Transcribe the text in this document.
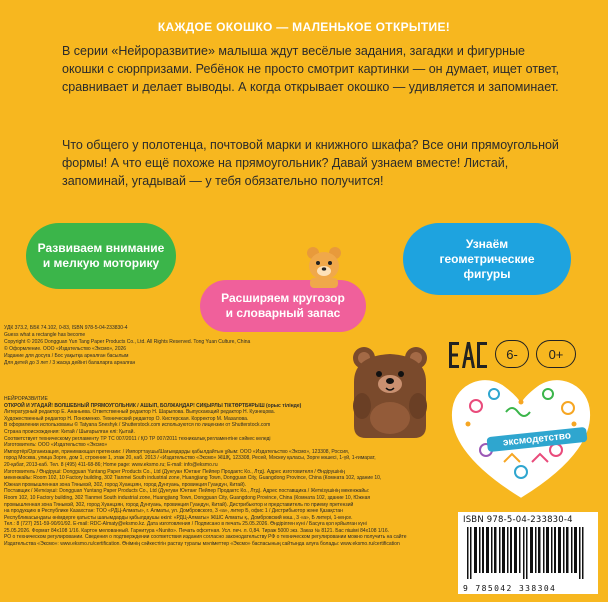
КАЖДОЕ ОКОШКО — МАЛЕНЬКОЕ ОТКРЫТИЕ!
В серии «Нейроразвитие» малыша ждут весёлые задания, загадки и фигурные окошки с сюрпризами. Ребёнок не просто смотрит картинки — он думает, ищет ответ, сравнивает и делает выводы. А когда открывает окошко — удивляется и запоминает.
Что общего у полотенца, почтовой марки и книжного шкафа? Все они прямоугольной формы! А что ещё похоже на прямоугольник? Давай узнаем вместе! Листай, запоминай, угадывай — у тебя обязательно получится!
Развиваем внимание
и мелкую моторику
Расширяем кругозор
и словарный запас
Узнаём
геометрические
фигуры
УДК 373.2, ББК 74.102, 0-83, ISBN 978-5-04-233830-4
Guess what a rectangle has become
Copyright © 2026 Dongguan Yun Tang Paper Products Co., Ltd. All Rights Reserved. Tong Yuan Culture, China
© Оформление. ООО «Издательство «Эксмо», 2026
Издание для досуга / Бос уақытқа арналған басылым
Для детей до 3 лет / 3 жасқа дейінгі балаларға арналған
НЕЙРОРАЗВИТИЕ
ОТКРОЙ И УГАДАЙ! ВОЛШЕБНЫЙ ПРЯМОУГОЛЬНИК / АШЫП, БОЛЖАҢДАР! СИҚЫРЛЫ ТІКТӨРТБҰРЫШ (орыс тілінде)
Литературный редактор Е. Ананьева. Ответственный редактор Н. Шарыпова. Выпускающий редактор Н. Кузнецова.
Художественный редактор Н. Пономенко. Технический редактор О. Кистерская. Корректор М. Мазалова.
В оформлении использованы © Tatyana Sneshyk / Shutterstock.com используются по лицензии от Shutterstock.com
Страна происхождения: Китай / Шығарылған елі: Қытай.
Соответствует техническому регламенту ТР ТС 007/2011 / ҚО ТР 007/2011 техникалық регламентіне сәйкес келеді
Изготовитель: ООО «Издательство «Эксмо»
Импортёр/Организация, принимающая претензии: / Импорттаушы/Шағымдарды қабылдайтын ұйым: ООО «Издательство «Эксмо», 123308, Россия,
город Москва, улица Зорге, дом 1, строение 1, этаж 20, каб. 2013 / «Издательство «Эксмо» ЖШҚ, 123308, Ресей, Мәскеу қаласы, Зорге көшесі, 1-үй, 1-ғимарат,
20-қабат, 2013-каб. Тел. 8 (495) 411-68-86; Home page: www.eksmo.ru; E-mail: info@eksmo.ru
Изготовитель / Өндіруші: Dongguan Yuntang Paper Products Co., Ltd (Дунгуан Юнтанг Пейпер Продактс Ко., Лтд). Адрес изготовителя / Өндірушінің
мекенжайы: Room 102, 10 Factory building, 302 Tianmei South industrial zone, Huangjiang Town, Dongguan City, Guangdong Province, China (Комната 102, здание 10,
Южная промышленная зона Тяньмэй, 302, город Хуанцзян, город Дунгуань, провинция Гуандун, Китай).
Поставщик / Жеткізуші: Dongguan Yuntang Paper Products Co., Ltd (Дунгуан Юнтанг Пейпер Продактс Ко., Лтд). Адрес поставщика / Жеткізушінің мекенжайы:
Room 102, 10 Factory building, 302 Tianmei South industrial zone, Huangjiang Town, Dongguan City, Guangdong Province, China (Комната 102, здание 10, Южная
промышленная зона Тяньмэй, 302, город Хуанцзян, город Дунгуань, провинция Гуандун, Китай). Дистрибьютор и представитель по приему претензий
на продукцию в Республике Казахстан: ТОО «РДЦ-Алматы», г. Алматы, ул. Домбровского, 3 «а», литер Б, офис 1 / Дистрибьютор және Қазақстан
Республикасындағы өнімдерге қатысты шағымдарды қабылдаушы өкілі: «РДЦ-Алматы» ЖШС Алматы қ., Домбровский көш., 3 «а», Б литері, 1-кеңсе.
Тел.: 8 (727) 251-59-90/91/92. E-mail: RDC-Almaty@eksmo.kz. Дата изготовления / Подписано в печать 25.05.2026. Өндірілген күні / Басуға қол қойылған күні
25.05.2026. Формат 84x108 1/16. Картон мелованный. Гарнитура «Nunito». Печать офсетная. Усл. печ. л. 0,84. Тираж 5000 экз. Заказ № 8121. Бас пішімі 84x108 1/16.
РО о техническом регулировании. Сведения о подтверждении соответствия издания согласно законодательству РФ о техническом регулировании можно получить на сайте
Издательства «Эксмо»: www.eksmo.ru/certification. Өнімнің сәйкестігін растау туралы мәліметтер «Эксмо» баспасының сайтында алуға болады: www.eksmo.ru/certification
6-	0+
эксмодетство
ISBN 978-5-04-233830-4
9 785042 338304
